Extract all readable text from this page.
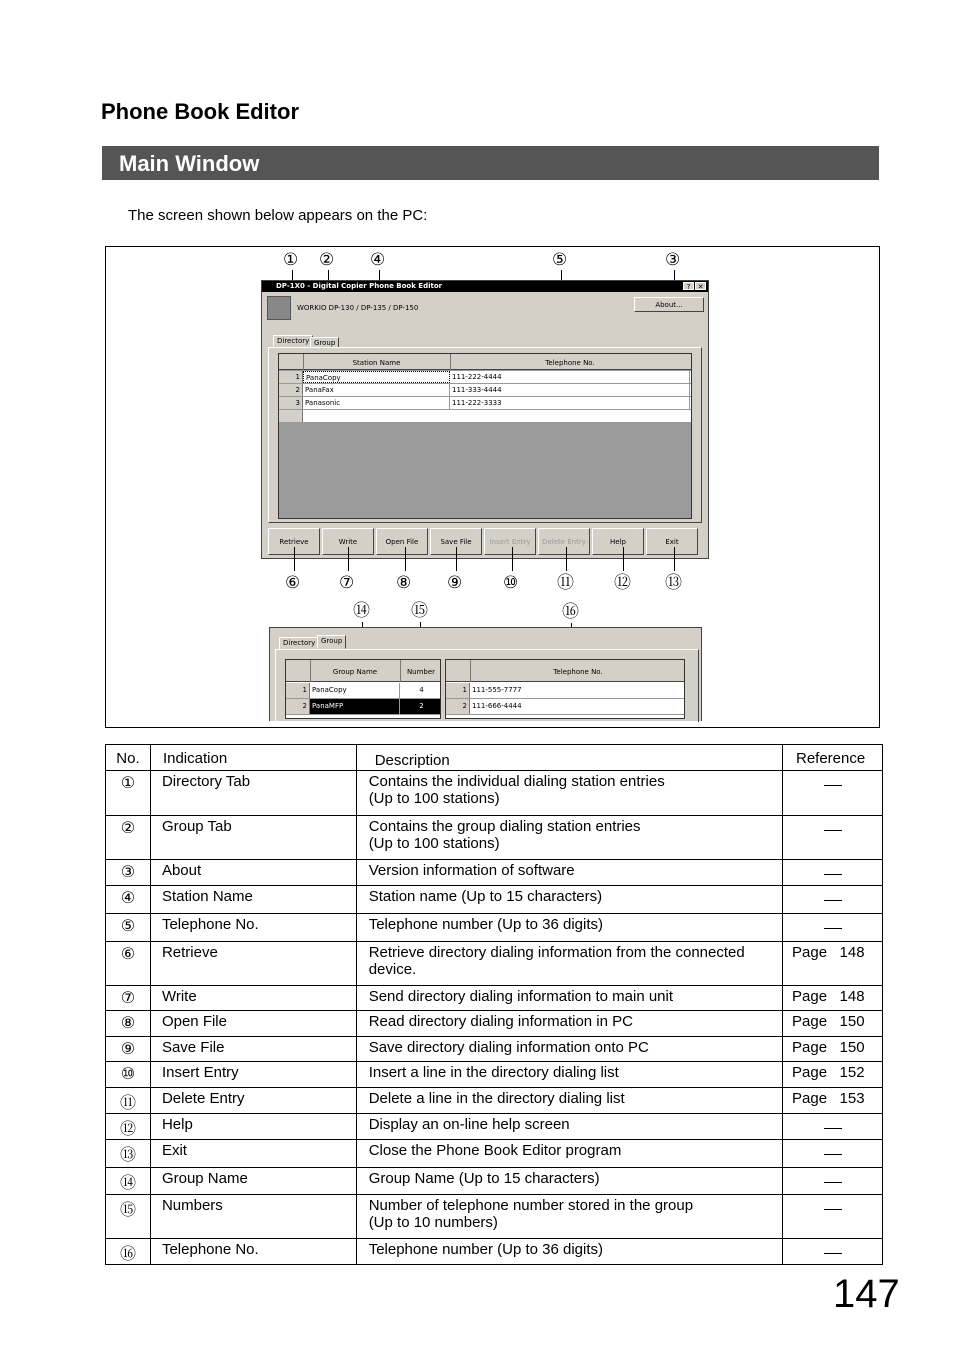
Phone Book Editor
Main Window
The screen shown below appears on the PC:
① ② ④	⑤	③
DP-1X0 - Digital Copier Phone Book Editor	?	✕
WORKIO DP-130 / DP-135 / DP-150	About...
Directory Group
Station Name	Telephone No.
1 PanaCopy	111-222-4444
2 PanaFax	111-333-4444
3 Panasonic	111-222-3333
Retrieve	Write	Open File	Save File	Insert Entry	Delete Entry	Help	Exit
⑥ ⑦ ⑧ ⑨ ⑩ ⑪ ⑫ ⑬
⑭ ⑮	⑯
Directory Group
Group Name	Number
1 PanaCopy	4
2 PanaMFP	2
Telephone No.
1 111-555-7777
2 111-666-4444
No.	Indication	Description	Reference
①	Directory Tab	Contains the individual dialing station entries
(Up to 100 stations)	

②	Group Tab	Contains the group dialing station entries
(Up to 100 stations)	

③	About	Version information of software	

④	Station Name	Station name (Up to 15 characters)	

⑤	Telephone No.	Telephone number (Up to 36 digits)	

⑥	Retrieve	Retrieve directory dialing information from the connected
device.	Page   148
⑦	Write	Send directory dialing information to main unit	Page   148
⑧	Open File	Read directory dialing information in PC	Page   150
⑨	Save File	Save directory dialing information onto PC	Page   150
⑩	Insert Entry	Insert a line in the directory dialing list	Page   152
⑪	Delete Entry	Delete a line in the directory dialing list	Page   153
⑫	Help	Display an on-line help screen	

⑬	Exit	Close the Phone Book Editor program	

⑭	Group Name	Group Name (Up to 15 characters)	

⑮	Numbers	Number of telephone number stored in the group
(Up to 10 numbers)	

⑯	Telephone No.	Telephone number (Up to 36 digits)	

147
